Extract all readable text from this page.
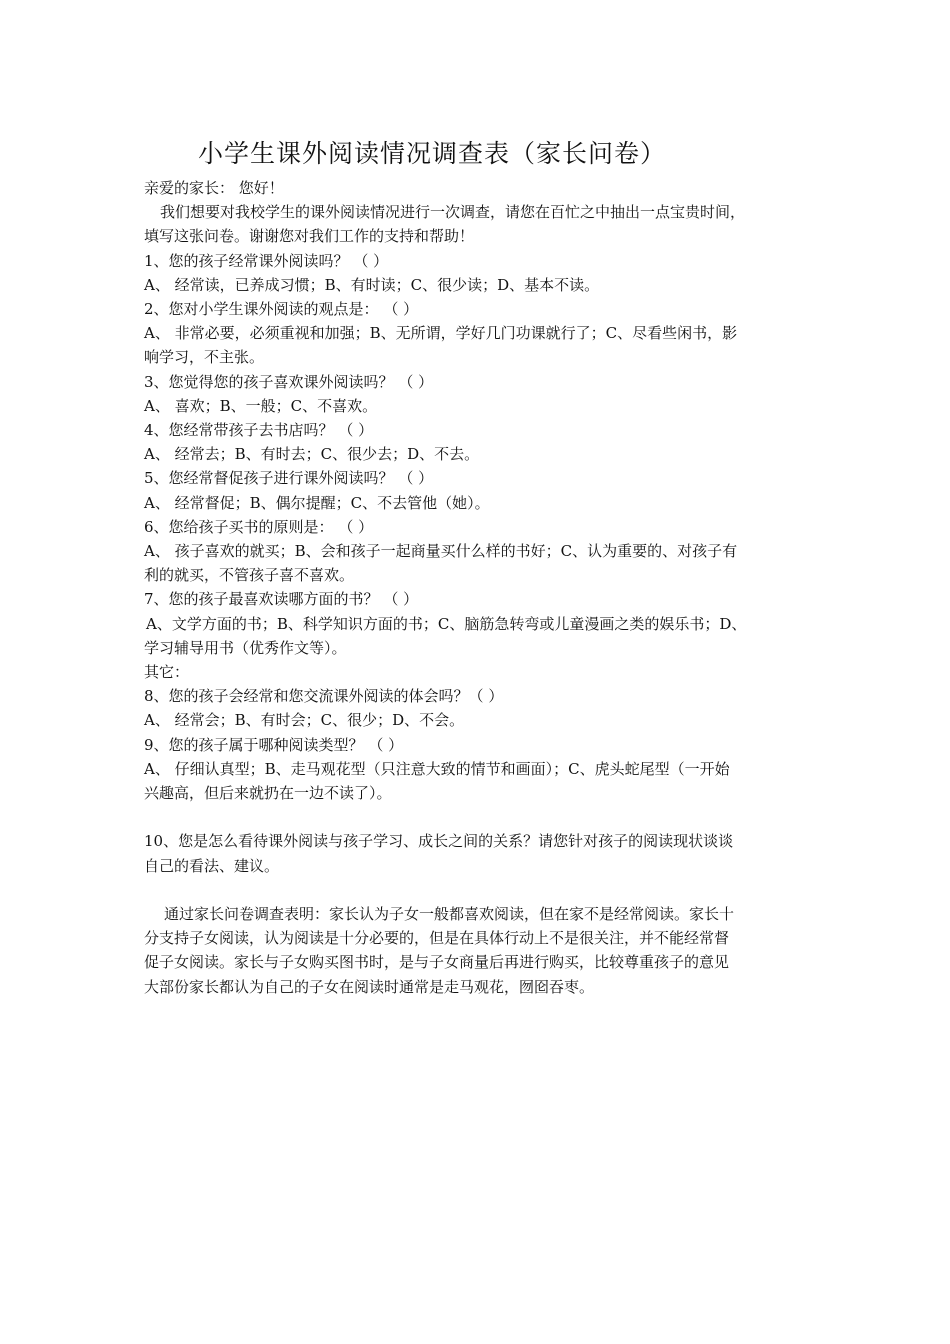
小学生课外阅读情况调查表（家长问卷）
亲爱的家长： 您好！
我们想要对我校学生的课外阅读情况进行一次调查，请您在百忙之中抽出一点宝贵时间，
填写这张问卷。谢谢您对我们工作的支持和帮助！
1、您的孩子经常课外阅读吗？ （ ）
A、 经常读，已养成习惯；B、有时读；C、很少读；D、基本不读。
2、您对小学生课外阅读的观点是： （ ）
A、 非常必要，必须重视和加强；B、无所谓，学好几门功课就行了；C、尽看些闲书，影
响学习，不主张。
3、您觉得您的孩子喜欢课外阅读吗？ （ ）
A、 喜欢；B、一般；C、不喜欢。
4、您经常带孩子去书店吗？ （ ）
A、 经常去；B、有时去；C、很少去；D、不去。
5、您经常督促孩子进行课外阅读吗？ （ ）
A、 经常督促；B、偶尔提醒；C、不去管他（她）。
6、您给孩子买书的原则是： （ ）
A、 孩子喜欢的就买；B、会和孩子一起商量买什么样的书好；C、认为重要的、对孩子有
利的就买，不管孩子喜不喜欢。
7、您的孩子最喜欢读哪方面的书？ （ ）
A、文学方面的书；B、科学知识方面的书；C、脑筋急转弯或儿童漫画之类的娱乐书；D、
学习辅导用书（优秀作文等）。
其它：
8、您的孩子会经常和您交流课外阅读的体会吗？（ ）
A、 经常会；B、有时会；C、很少；D、不会。
9、您的孩子属于哪种阅读类型？ （ ）
A、 仔细认真型；B、走马观花型（只注意大致的情节和画面）；C、虎头蛇尾型（一开始
兴趣高，但后来就扔在一边不读了）。
10、您是怎么看待课外阅读与孩子学习、成长之间的关系？请您针对孩子的阅读现状谈谈
自己的看法、建议。
通过家长问卷调查表明：家长认为子女一般都喜欢阅读，但在家不是经常阅读。家长十
分支持子女阅读，认为阅读是十分必要的，但是在具体行动上不是很关注，并不能经常督
促子女阅读。家长与子女购买图书时，是与子女商量后再进行购买，比较尊重孩子的意见
大部份家长都认为自己的子女在阅读时通常是走马观花，囫囵吞枣。
